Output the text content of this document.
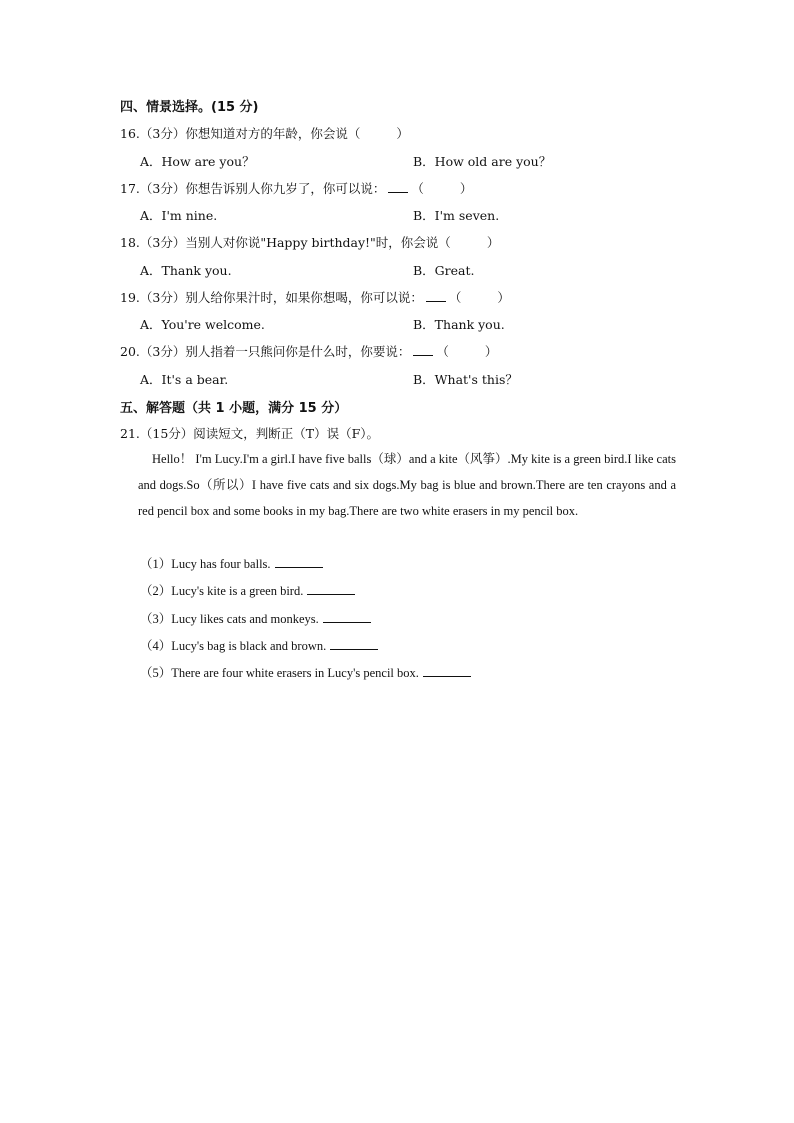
四、情景选择。(15 分)
16.（3分）你想知道对方的年龄，你会说（	）
A．How are you？	B．How old are you？
17.（3分）你想告诉别人你九岁了，你可以说： （	）
A．I'm nine.	B．I'm seven.
18.（3分）当别人对你说"Happy birthday!"时，你会说（	）
A．Thank you.	B．Great.
19.（3分）别人给你果汁时，如果你想喝，你可以说： （	）
A．You're welcome.	B．Thank you.
20.（3分）别人指着一只熊问你是什么时，你要说： （	）
A．It's a bear.	B．What's this？
五、解答题（共 1 小题，满分 15 分）
21.（15分）阅读短文，判断正（T）误（F）。
Hello！ I'm Lucy.I'm a girl.I have five balls（球）and a kite（风筝）.My kite is a green bird.I like cats and dogs.So（所以）I have five cats and six dogs.My bag is blue and brown.There are ten crayons and a red pencil box and some books in my bag.There are two white erasers in my pencil box.
（1）Lucy has four balls.
（2）Lucy's kite is a green bird.
（3）Lucy likes cats and monkeys.
（4）Lucy's bag is black and brown.
（5）There are four white erasers in Lucy's pencil box.
